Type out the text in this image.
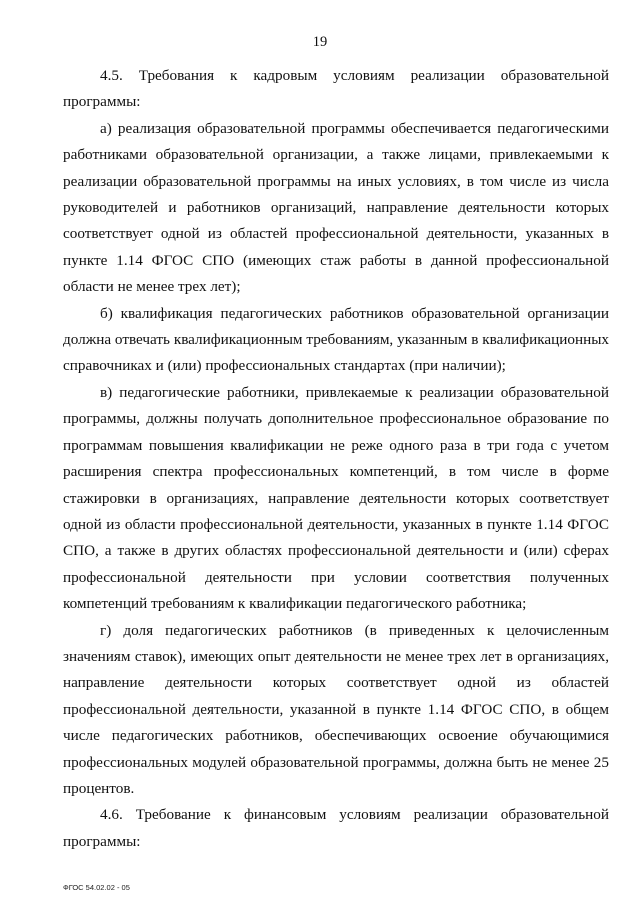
19

4.5. Требования к кадровым условиям реализации образовательной программы:

а) реализация образовательной программы обеспечивается педагогическими работниками образовательной организации, а также лицами, привлекаемыми к реализации образовательной программы на иных условиях, в том числе из числа руководителей и работников организаций, направление деятельности которых соответствует одной из областей профессиональной деятельности, указанных в пункте 1.14 ФГОС СПО (имеющих стаж работы в данной профессиональной области не менее трех лет);

б) квалификация педагогических работников образовательной организации должна отвечать квалификационным требованиям, указанным в квалификационных справочниках и (или) профессиональных стандартах (при наличии);

в) педагогические работники, привлекаемые к реализации образовательной программы, должны получать дополнительное профессиональное образование по программам повышения квалификации не реже одного раза в три года с учетом расширения спектра профессиональных компетенций, в том числе в форме стажировки в организациях, направление деятельности которых соответствует одной из области профессиональной деятельности, указанных в пункте 1.14 ФГОС СПО, а также в других областях профессиональной деятельности и (или) сферах профессиональной деятельности при условии соответствия полученных компетенций требованиям к квалификации педагогического работника;

г) доля педагогических работников (в приведенных к целочисленным значениям ставок), имеющих опыт деятельности не менее трех лет в организациях, направление деятельности которых соответствует одной из областей профессиональной деятельности, указанной в пункте 1.14 ФГОС СПО, в общем числе педагогических работников, обеспечивающих освоение обучающимися профессиональных модулей образовательной программы, должна быть не менее 25 процентов.

4.6. Требование к финансовым условиям реализации образовательной программы:

ФГОС 54.02.02 - 05
